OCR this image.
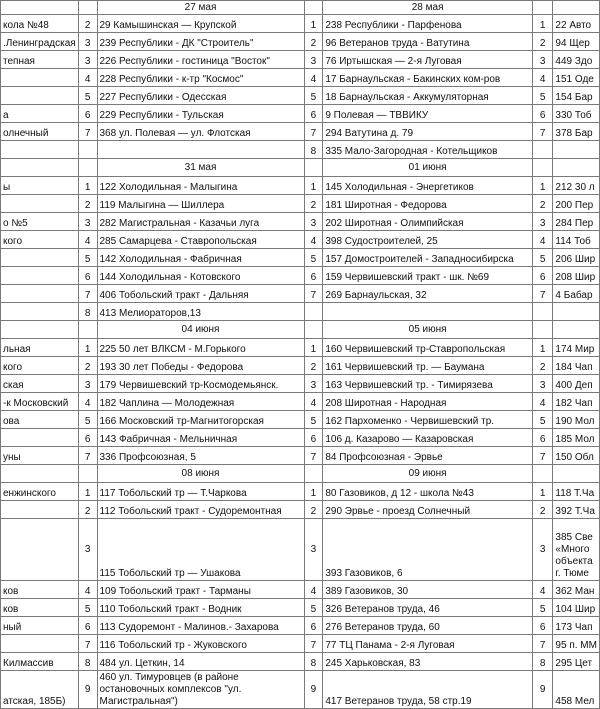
		27 мая		28 мая		
кола №48	2	29 Камышинская — Крупской	1	238 Республики - Парфенова	1	22 Авто
.Ленинградская	3	239 Республики - ДК "Строитель"	2	96 Ветеранов труда - Ватутина	2	94 Щер
тепная	3	226 Республики - гостиница "Восток"	3	76 Иртышская — 2-я Луговая	3	449 Здо
	4	228 Республики - к-тр "Космос"	4	17 Барнаульская - Бакинских ком-ров	4	151 Оде
	5	227 Республики - Одесская	5	18 Барнаульская - Аккумуляторная	5	154 Бар
а	6	229 Республики - Тульская	6	9 Полевая — ТВВИКУ	6	330 Тоб
олнечный	7	368 ул. Полевая — ул. Флотская	7	294 Ватутина д. 79	7	378 Бар
			8	335 Мало-Загородная - Котельщиков		
		31 мая		01 июня		
ы	1	122 Холодильная - Малыгина	1	145 Холодильная - Энергетиков	1	212 30 л
	2	119 Малыгина — Шиллера	2	181 Широтная - Федорова	2	200 Пер
о №5	3	282 Магистральная - Казачьи луга	3	202 Широтная - Олимпийская	3	284 Пер
кого	4	285 Самарцева - Ставропольская	4	398 Судостроителей, 25	4	114 Тоб
	5	142 Холодильная - Фабричная	5	157 Домостроителей - Западносибирска	5	206 Шир
	6	144 Холодильная - Котовского	6	159 Червишевский тракт - шк. №69	6	208 Шир
	7	406 Тобольский тракт - Дальняя	7	269 Барнаульская, 32	7	4 Бабар
	8	413 Мелиораторов,13				
		04 июня		05 июня		
льная	1	225 50 лет ВЛКСМ - М.Горького	1	160 Червишевский тр-Ставропольская	1	174 Мир
кого	2	193 30 лет Победы - Федорова	2	161 Червишевский тр. — Баумана	2	184 Чап
ская	3	179 Червишевский тр-Космодемьянск.	3	163 Червишевский тр. - Тимирязева	3	400 Деп
-к Московский	4	182 Чаплина — Молодежная	4	208 Широтная - Народная	4	182 Чап
ова	5	166 Московский тр-Магнитогорская	5	162 Пархоменко - Червишевский тр.	5	190 Мол
	6	143 Фабричная - Мельничная	6	106 д. Казарово — Казаровская	6	185 Мол
уны	7	336 Профсоюзная, 5	7	84 Профсоюзная - Эрвье	7	150 Обл
		08 июня		09 июня		
енжинского	1	117 Тобольский тр — Т.Чаркова	1	80 Газовиков, д 12 - школа №43	1	118 Т.Ча
	2	112 Тобольский тракт - Судоремонтная	2	290 Эрвье - проезд Солнечный	2	392 Т.Ча
	3	115 Тобольский тр — Ушакова	3	393 Газовиков, 6	3	385 Све «Много объекта г. Тюме
ков	4	109 Тобольский тракт - Тарманы	4	389 Газовиков, 30	4	362 Ман
ков	5	110 Тобольский тракт - Водник	5	326 Ветеранов труда, 46	5	104 Шир
ный	6	113 Судоремонт - Малинов.- Захарова	6	276 Ветеранов труда, 60	6	173 Чап
	7	116 Тобольский тр - Жуковского	7	77 ТЦ Панама - 2-я Луговая	7	95 п. ММ
Килмассив	8	484 ул. Цеткин, 14	8	245 Харьковская, 83	8	295 Цет
атская, 185Б)	9	460 ул. Тимуровцев (в районе остановочных комплексов "ул. Магистральная")	9	417 Ветеранов труда, 58 стр.19	9	458 Мел
